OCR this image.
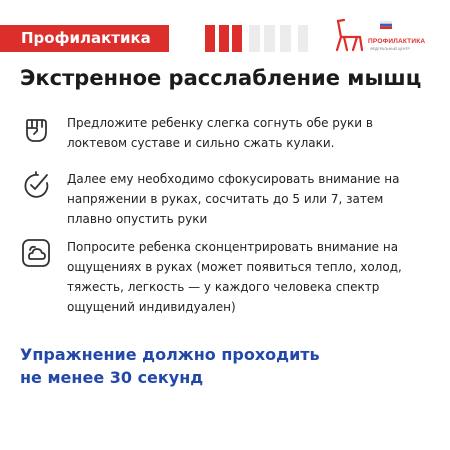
Профилактика	ПРОФИЛАКТИКА
ФЕДЕРАЛЬНЫЙ ЦЕНТР
Экстренное расслабление мышц
Предложите ребенку слегка согнуть обе руки в локтевом суставе и сильно сжать кулаки.
Далее ему необходимо сфокусировать внимание на напряжении в руках, сосчитать до 5 или 7, затем плавно опустить руки
Попросите ребенка сконцентрировать внимание на ощущениях в руках (может появиться тепло, холод, тяжесть, легкость — у каждого человека спектр ощущений индивидуален)
Упражнение должно проходить
не менее 30 секунд
